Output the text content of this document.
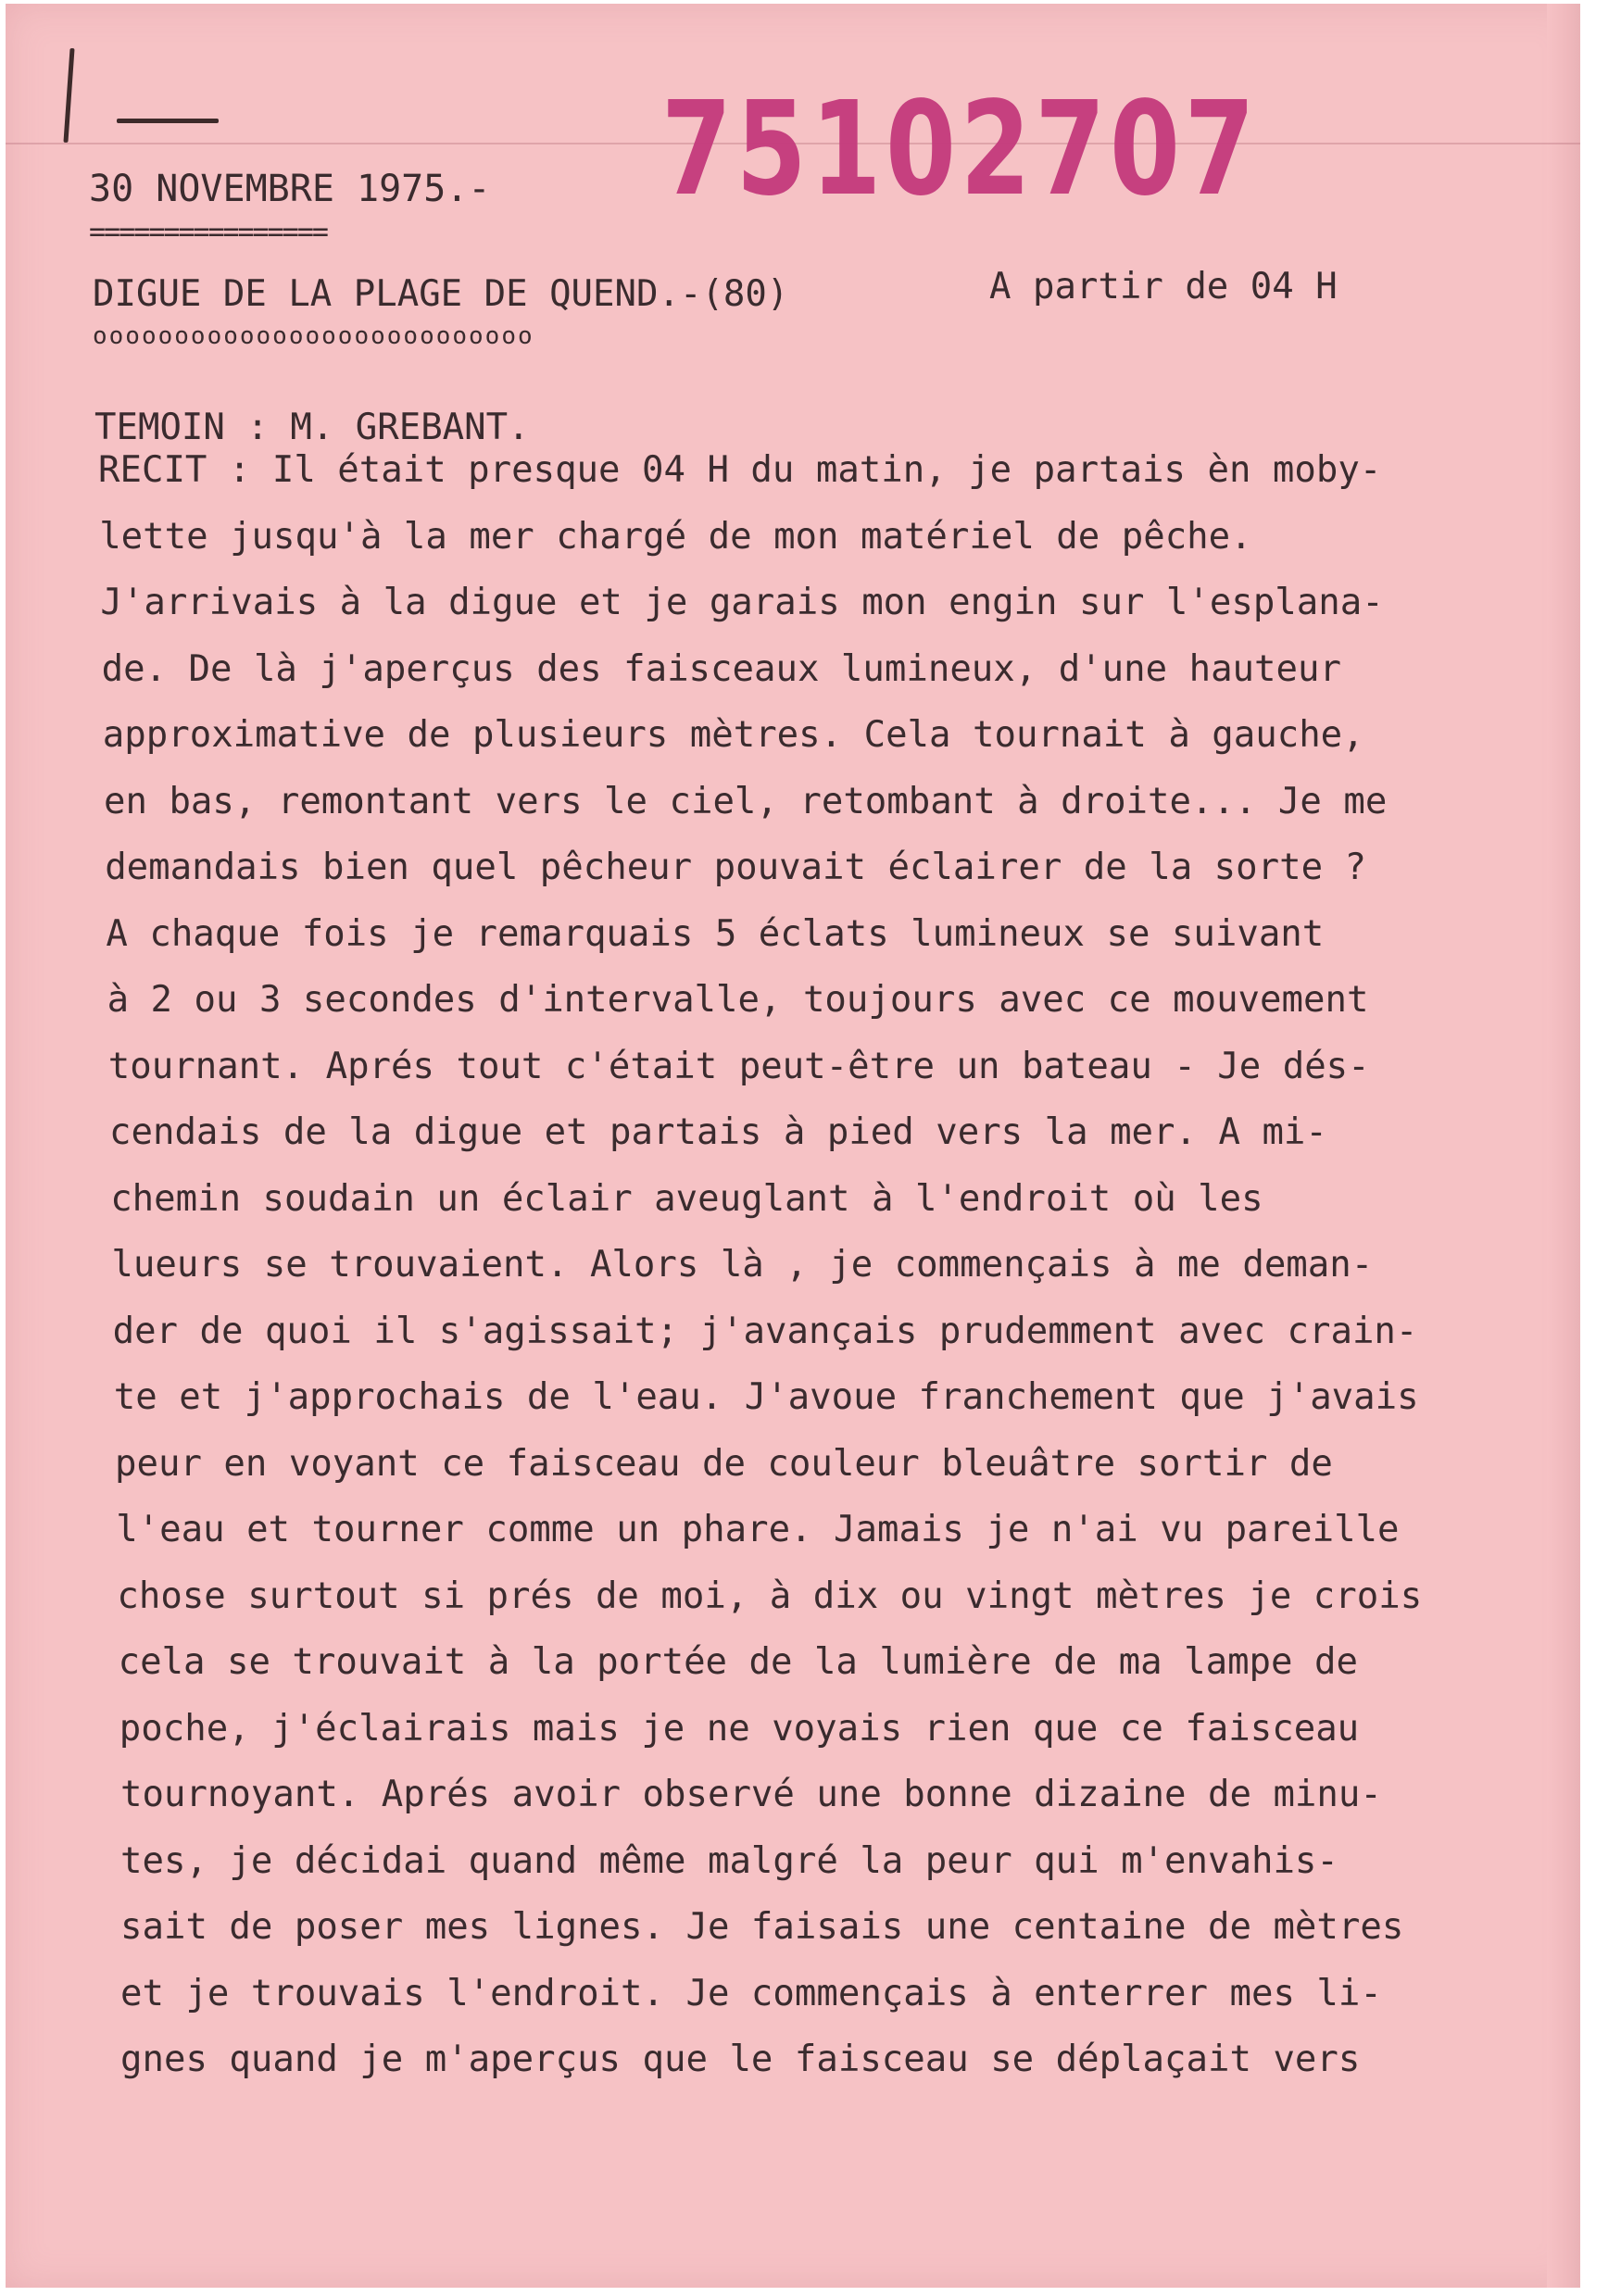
75102707
30 NOVEMBRE 1975.-
================
DIGUE DE LA PLAGE DE QUEND.-(80)	A partir de 04 H
ooooooooooooooooooooooooooo
TEMOIN : M. GREBANT.
RECIT : Il était presque 04 H du matin, je partais èn moby-
lette jusqu'à la mer chargé de mon matériel de pêche.
J'arrivais à la digue et je garais mon engin sur l'esplana-
de. De là j'aperçus des faisceaux lumineux, d'une hauteur
approximative de plusieurs mètres. Cela tournait à gauche,
en bas, remontant vers le ciel, retombant à droite... Je me
demandais bien quel pêcheur pouvait éclairer de la sorte ?
A chaque fois je remarquais 5 éclats lumineux se suivant
à 2 ou 3 secondes d'intervalle, toujours avec ce mouvement
tournant. Aprés tout c'était peut-être un bateau - Je dés-
cendais de la digue et partais à pied vers la mer. A mi-
chemin soudain un éclair aveuglant à l'endroit où les
lueurs se trouvaient. Alors là , je commençais à me deman-
der de quoi il s'agissait; j'avançais prudemment avec crain-
te et j'approchais de l'eau. J'avoue franchement que j'avais
peur en voyant ce faisceau de couleur bleuâtre sortir de
l'eau et tourner comme un phare. Jamais je n'ai vu pareille
chose surtout si prés de moi, à dix ou vingt mètres je crois
cela se trouvait à la portée de la lumière de ma lampe de
poche, j'éclairais mais je ne voyais rien que ce faisceau
tournoyant. Aprés avoir observé une bonne dizaine de minu-
tes, je décidai quand même malgré la peur qui m'envahis-
sait de poser mes lignes. Je faisais une centaine de mètres
et je trouvais l'endroit. Je commençais à enterrer mes li-
gnes quand je m'aperçus que le faisceau se déplaçait vers
